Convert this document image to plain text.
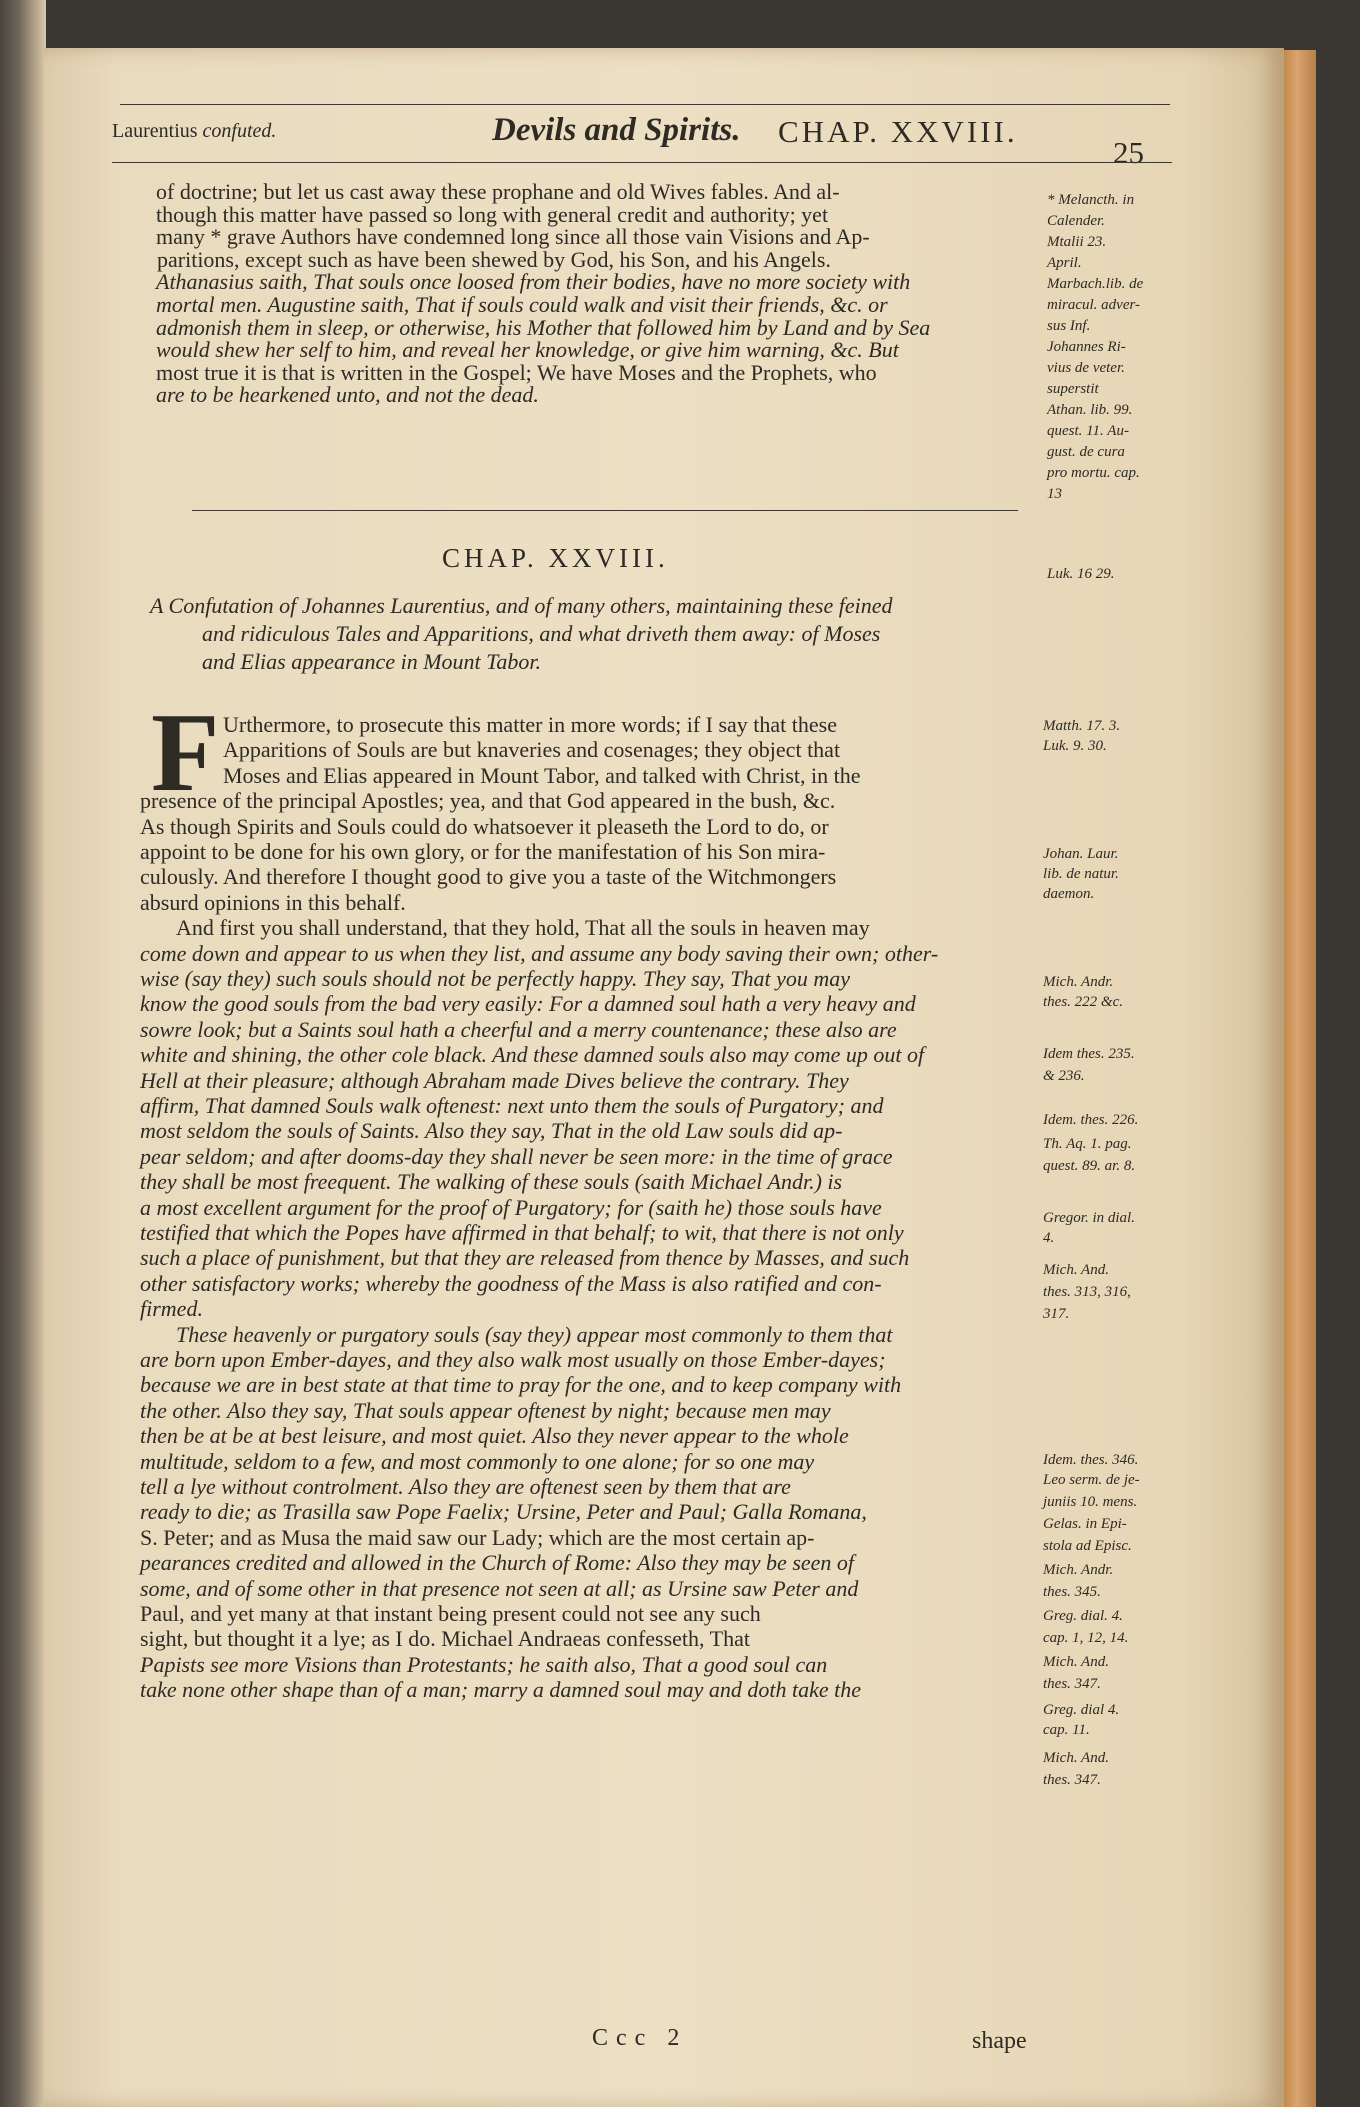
Laurentius confuted.	Devils and Spirits. CHAP. XXVIII.
25
of doctrine; but let us cast away these prophane and old Wives fables. And al-
though this matter have passed so long with general credit and authority; yet
many * grave Authors have condemned long since all those vain Visions and Ap-
paritions, except such as have been shewed by God, his Son, and his Angels.
Athanasius saith, That souls once loosed from their bodies, have no more society with
mortal men. Augustine saith, That if souls could walk and visit their friends, &c. or
admonish them in sleep, or otherwise, his Mother that followed him by Land and by Sea
would shew her self to him, and reveal her knowledge, or give him warning, &c. But
most true it is that is written in the Gospel; We have Moses and the Prophets, who
are to be hearkened unto, and not the dead.
* Melancth. in
Calender.
Mtalii 23.
April.
Marbach.lib. de
miracul. adver-
sus Inf.
Johannes Ri-
vius de veter.
superstit
Athan. lib. 99.
quest. 11. Au-
gust. de cura
pro mortu. cap.
13
Luk. 16 29.
CHAP. XXVIII.
A Confutation of Johannes Laurentius, and of many others, maintaining these feined
and ridiculous Tales and Apparitions, and what driveth them away: of Moses
and Elias appearance in Mount Tabor.
F Urthermore, to prosecute this matter in more words; if I say that these
Apparitions of Souls are but knaveries and cosenages; they object that
Moses and Elias appeared in Mount Tabor, and talked with Christ, in the
presence of the principal Apostles; yea, and that God appeared in the bush, &c.
As though Spirits and Souls could do whatsoever it pleaseth the Lord to do, or
appoint to be done for his own glory, or for the manifestation of his Son mira-
culously. And therefore I thought good to give you a taste of the Witchmongers
absurd opinions in this behalf.
And first you shall understand, that they hold, That all the souls in heaven may
come down and appear to us when they list, and assume any body saving their own; other-
wise (say they) such souls should not be perfectly happy. They say, That you may
know the good souls from the bad very easily: For a damned soul hath a very heavy and
sowre look; but a Saints soul hath a cheerful and a merry countenance; these also are
white and shining, the other cole black. And these damned souls also may come up out of
Hell at their pleasure; although Abraham made Dives believe the contrary. They
affirm, That damned Souls walk oftenest: next unto them the souls of Purgatory; and
most seldom the souls of Saints. Also they say, That in the old Law souls did ap-
pear seldom; and after dooms-day they shall never be seen more: in the time of grace
they shall be most freequent. The walking of these souls (saith Michael Andr.) is
a most excellent argument for the proof of Purgatory; for (saith he) those souls have
testified that which the Popes have affirmed in that behalf; to wit, that there is not only
such a place of punishment, but that they are released from thence by Masses, and such
other satisfactory works; whereby the goodness of the Mass is also ratified and con-
firmed.
These heavenly or purgatory souls (say they) appear most commonly to them that
are born upon Ember-dayes, and they also walk most usually on those Ember-dayes;
because we are in best state at that time to pray for the one, and to keep company with
the other. Also they say, That souls appear oftenest by night; because men may
then be at be at best leisure, and most quiet. Also they never appear to the whole
multitude, seldom to a few, and most commonly to one alone; for so one may
tell a lye without controlment. Also they are oftenest seen by them that are
ready to die; as Trasilla saw Pope Faelix; Ursine, Peter and Paul; Galla Romana,
S. Peter; and as Musa the maid saw our Lady; which are the most certain ap-
pearances credited and allowed in the Church of Rome: Also they may be seen of
some, and of some other in that presence not seen at all; as Ursine saw Peter and
Paul, and yet many at that instant being present could not see any such
sight, but thought it a lye; as I do. Michael Andraeas confesseth, That
Papists see more Visions than Protestants; he saith also, That a good soul can
take none other shape than of a man; marry a damned soul may and doth take the
Matth. 17. 3.
Luk. 9. 30.
Johan. Laur.
lib. de natur.
daemon.
Mich. Andr.
thes. 222 &c.
Idem thes. 235.
& 236.
Idem. thes. 226.
Th. Aq. 1. pag.
quest. 89. ar. 8.
Gregor. in dial.
4.
Mich. And.
thes. 313, 316,
317.
Idem. thes. 346.
Leo serm. de je-
juniis 10. mens.
Gelas. in Epi-
stola ad Episc.
Mich. Andr.
thes. 345.
Greg. dial. 4.
cap. 1, 12, 14.
Mich. And.
thes. 347.
Greg. dial 4.
cap. 11.
Mich. And.
thes. 347.
Ccc 2	shape
